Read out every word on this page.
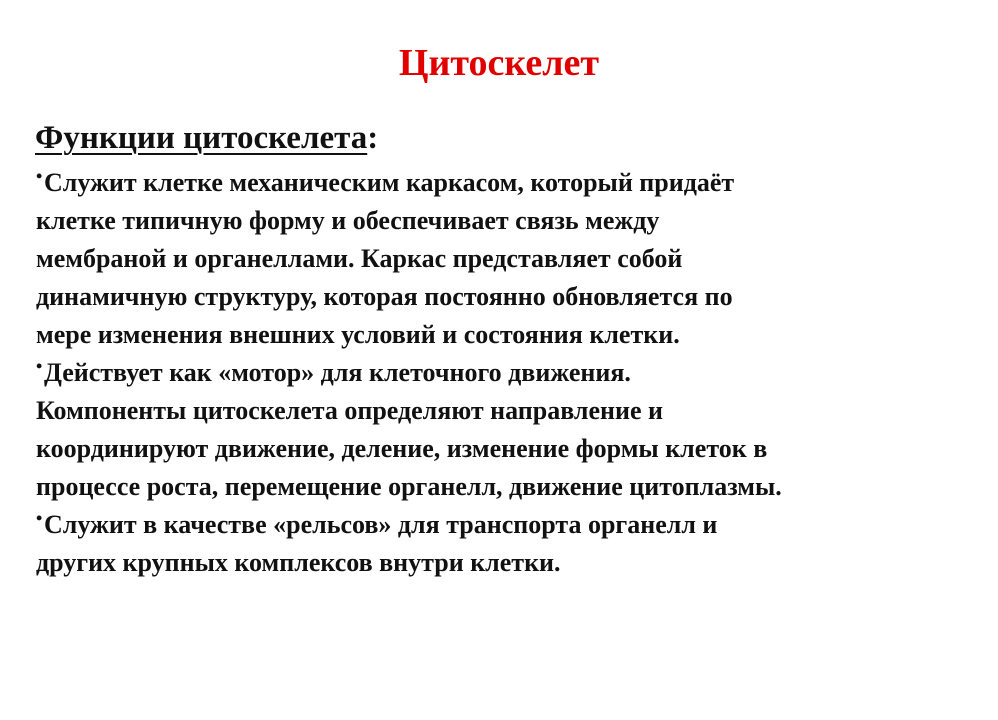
Цитоскелет
Функции цитоскелета:
•Служит клетке механическим каркасом, который придаёт
клетке типичную форму и обеспечивает связь между
мембраной и органеллами. Каркас представляет собой
динамичную структуру, которая постоянно обновляется по
мере изменения внешних условий и состояния клетки.
•Действует как «мотор» для клеточного движения.
Компоненты цитоскелета определяют направление и
координируют движение, деление, изменение формы клеток в
процессе роста, перемещение органелл, движение цитоплазмы.
•Служит в качестве «рельсов» для транспорта органелл и
других крупных комплексов внутри клетки.
